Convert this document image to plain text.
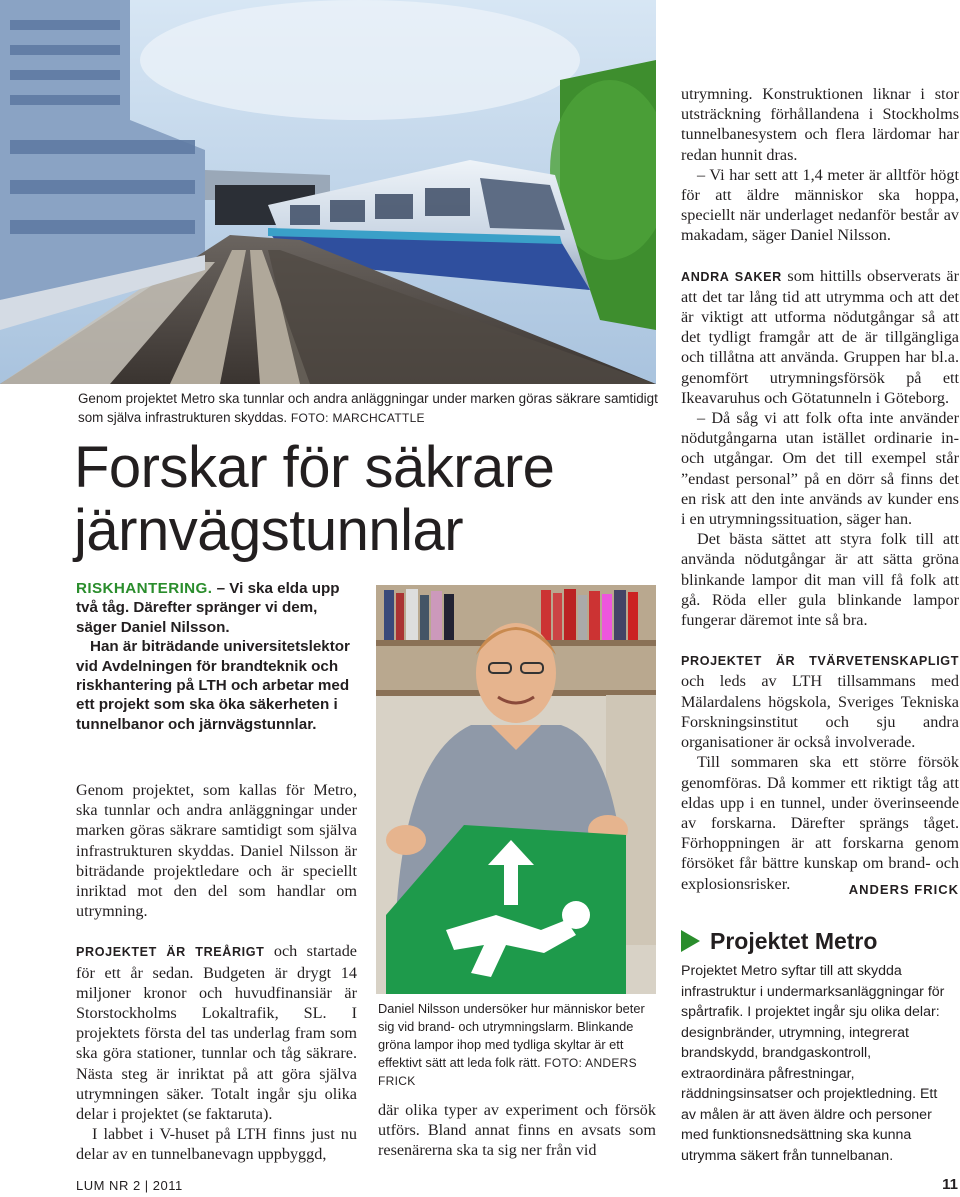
Genom projektet Metro ska tunnlar och andra anläggningar under marken göras säkrare samtidigt som själva infrastrukturen skyddas. FOTO: MARCHCATTLE
Forskar för säkrare
järnvägstunnlar

RISKHANTERING. – Vi ska elda upp två tåg. Därefter spränger vi dem, säger Daniel Nilsson.

Han är biträdande universitetslektor vid Avdelningen för brandteknik och riskhantering på LTH och arbetar med ett projekt som ska öka säkerheten i tunnelbanor och järnvägstunnlar.

Genom projektet, som kallas för Metro, ska tunnlar och andra anläggningar under marken göras säkrare samtidigt som själva infrastrukturen skyddas. Daniel Nilsson är biträdande projektledare och är speciellt inriktad mot den del som handlar om utrymning.

PROJEKTET ÄR TREÅRIGT och startade för ett år sedan. Budgeten är drygt 14 miljoner kronor och huvudfinansiär är Storstockholms Lokaltrafik, SL. I projektets första del tas underlag fram som ska göra stationer, tunnlar och tåg säkrare. Nästa steg är inriktat på att göra själva utrymningen säker. Totalt ingår sju olika delar i projektet (se faktaruta).

I labbet i V-huset på LTH finns just nu delar av en tunnelbanevagn uppbyggd,

Daniel Nilsson undersöker hur människor beter sig vid brand- och utrymningslarm. Blinkande gröna lampor ihop med tydliga skyltar är ett effektivt sätt att leda folk rätt. FOTO: ANDERS FRICK

där olika typer av experiment och försök utförs. Bland annat finns en avsats som resenärerna ska ta sig ner från vid

utrymning. Konstruktionen liknar i stor utsträckning förhållandena i Stockholms tunnelbanesystem och flera lärdomar har redan hunnit dras.

– Vi har sett att 1,4 meter är alltför högt för att äldre människor ska hoppa, speciellt när underlaget nedanför består av makadam, säger Daniel Nilsson.

ANDRA SAKER som hittills observerats är att det tar lång tid att utrymma och att det är viktigt att utforma nödutgångar så att det tydligt framgår att de är tillgängliga och tillåtna att använda. Gruppen har bl.a. genomfört utrymningsförsök på ett Ikeavaruhus och Götatunneln i Göteborg.

– Då såg vi att folk ofta inte använder nödutgångarna utan istället ordinarie in- och utgångar. Om det till exempel står ”endast personal” på en dörr så finns det en risk att den inte används av kunder ens i en utrymningssituation, säger han.

Det bästa sättet att styra folk till att använda nödutgångar är att sätta gröna blinkande lampor dit man vill få folk att gå. Röda eller gula blinkande lampor fungerar däremot inte så bra.

PROJEKTET ÄR TVÄRVETENSKAPLIGT och leds av LTH tillsammans med Mälardalens högskola, Sveriges Tekniska Forskningsinstitut och sju andra organisationer är också involverade.

Till sommaren ska ett större försök genomföras. Då kommer ett riktigt tåg att eldas upp i en tunnel, under överinseende av forskarna. Därefter sprängs tåget. Förhoppningen är att forskarna genom försöket får bättre kunskap om brand- och explosionsrisker.	ANDERS FRICK
Projektet Metro
Projektet Metro syftar till att skydda infrastruktur i undermarksanläggningar för spårtrafik. I projektet ingår sju olika delar: designbränder, utrymning, integrerat brandskydd, brandgaskontroll, extraordinära påfrestningar, räddningsinsatser och projektledning. Ett av målen är att även äldre och personer med funktionsnedsättning ska kunna utrymma säkert från tunnelbanan.
LUM NR 2 | 2011	11
